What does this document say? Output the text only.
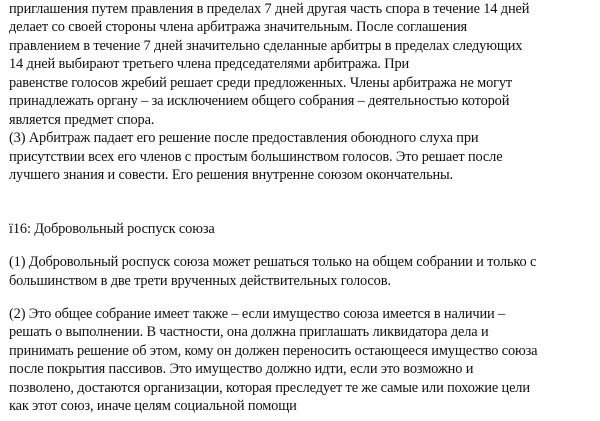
приглашения путем правления в пределах 7 дней другая часть спора в течение 14 дней
делает со своей стороны члена арбитража значительным. После соглашения
правлением в течение 7 дней значительно сделанные арбитры в пределах следующих
14 дней выбирают третьего члена председателями арбитража. При
равенстве голосов жребий решает среди предложенных. Члены арбитража не могут
принадлежать органу – за исключением общего собрания – деятельностью которой
является предмет спора.
(3) Арбитраж падает его решение после предоставления обоюдного слуха при
присутствии всех его членов с простым большинством голосов. Это решает после
лучшего знания и совести. Его решения внутренне союзом окончательны.
ї16: Добровольный роспуск союза
(1) Добровольный роспуск союза может решаться только на общем собрании и только с
большинством в две трети врученных действительных голосов.
(2) Это общее собрание имеет также – если имущество союза имеется в наличии –
решать о выполнении. В частности, она должна приглашать ликвидатора дела и
принимать решение об этом, кому он должен переносить остающееся имущество союза
после покрытия пассивов. Это имущество должно идти, если это возможно и
позволено, достаются организации, которая преследует те же самые или похожие цели
как этот союз, иначе целям социальной помощи
